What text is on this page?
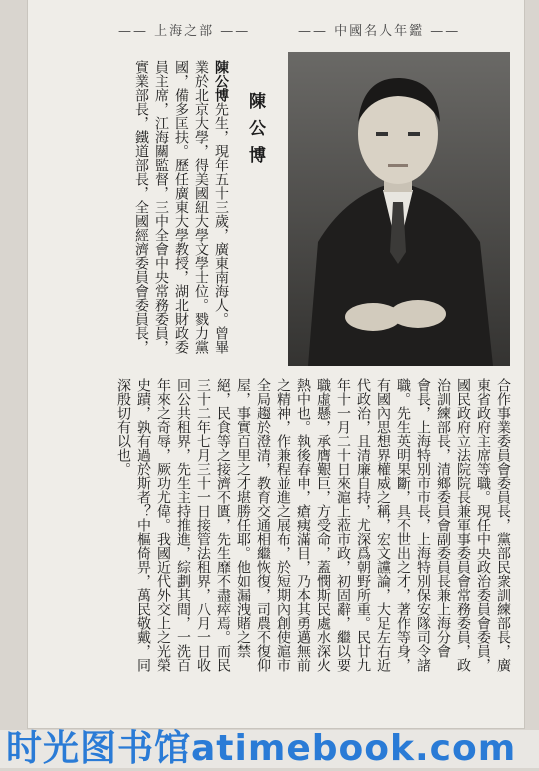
—— 上海之部 ——	—— 中國名人年鑑 ——
陳公博
陳公博先生，現年五十三歲，廣東南海人。曾畢
業於北京大學，得美國紐大學文學士位。戮力黨
國，備多匡扶。歷任廣東大學教授，湖北財政委
員主席，江海關監督，三中全會中央常務委員，
實業部長，鐵道部長，全國經濟委員會委員長，
合作事業委員會委員長，黨部民衆訓練部長，廣
東省政府主席等職。現任中央政治委員會委員，
國民政府立法院院長兼軍事委員會常務委員，政
治訓練部長，清鄉委員會副委員長兼上海分會
會長，上海特別市市長，上海特別保安隊司令諸
職。先生英明果斷，具不世出之才，著作等身，
有國內思想界權威之稱，宏文讜論，大足左右近
代政治，且清廉自持，尤深爲朝野所重。民廿九
年十一月二十日來滬上蒞市政，初固辭，繼以要
職虛懸，承膺艱巨，方受命，蓋憫斯民處水深火
熱中也。執後春申，瘡痍滿目，乃本其勇邁無前
之精神，作兼程並進之展布，於短期內創使滬市
全局趨於澄清，教育交通相繼恢復，司農不復仰
屋，事實百里之才堪勝任耶。他如漏洩賭之禁
絕，民食等之接濟不匱，先生靡不盡瘁焉。而民
三十二年七月三十一日接管法租界，八月一日收
回公共租界，先生主持推進，綜劃其間，一洗百
年來之奇辱，厥功尤偉。我國近代外交上之光榮
史蹟，孰有過於斯者？中樞倚畀，萬民敬戴，同
深殷切有以也。
时光图书馆atimebook.com
